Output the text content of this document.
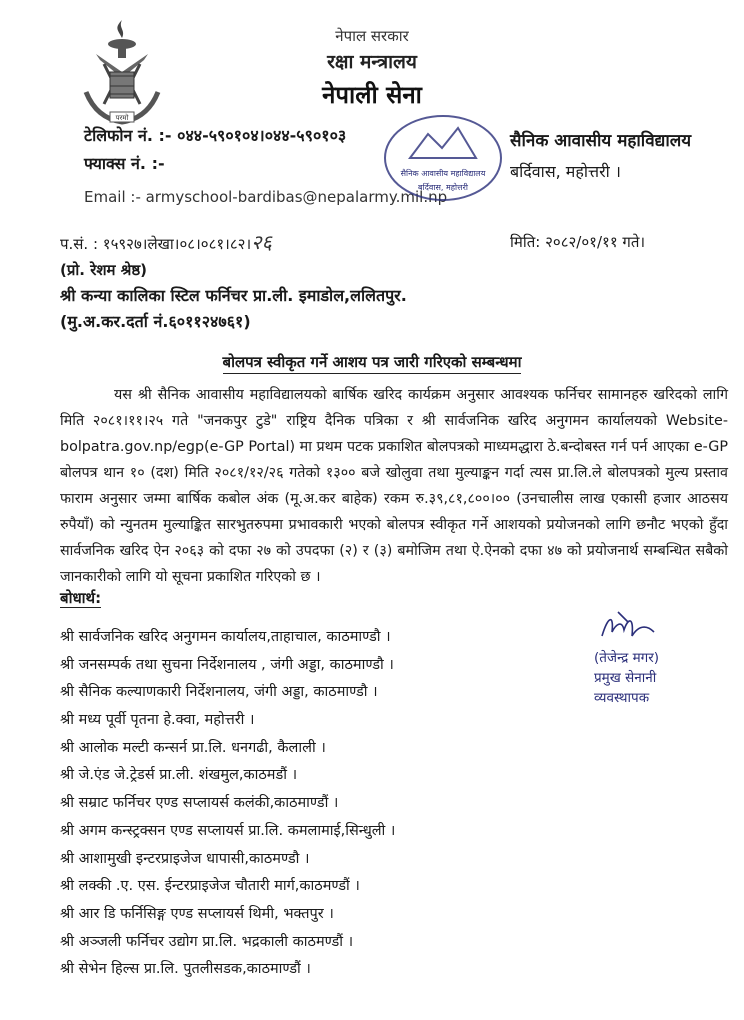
परमो
नेपाल सरकार
रक्षा मन्त्रालय
नेपाली सेना
टेलिफोन नं. :- ०४४-५९०१०४।०४४-५९०१०३
फ्याक्स नं. :-
Email :- armyschool-bardibas@nepalarmy.mil.np
सैनिक आवासीय महाविद्यालय
बर्दिवास, महोत्तरी
सैनिक आवासीय महाविद्यालय
बर्दिवास, महोत्तरी ।
प.सं. : १५९२७।लेखा।०८।०८१।८२।२६	मिति: २०८२/०१/११ गते।
(प्रो. रेशम श्रेष्ठ)
श्री कन्या कालिका स्टिल फर्निचर प्रा.ली. इमाडोल,ललितपुर.
(मु.अ.कर.दर्ता नं.६०११२४७६१)
बोलपत्र स्वीकृत गर्ने आशय पत्र जारी गरिएको सम्बन्धमा
यस श्री सैनिक आवासीय महाविद्यालयको बार्षिक खरिद कार्यक्रम अनुसार आवश्यक फर्निचर सामानहरु खरिदको लागि मिति २०८१।११।२५ गते "जनकपुर टुडे" राष्ट्रिय दैनिक पत्रिका र श्री सार्वजनिक खरिद अनुगमन कार्यालयको Website-bolpatra.gov.np/egp(e-GP Portal) मा प्रथम पटक प्रकाशित बोलपत्रको माध्यमद्धारा ठे.बन्दोबस्त गर्न पर्न आएका e-GP बोलपत्र थान १० (दश) मिति २०८१/१२/२६ गतेको १३०० बजे खोलुवा तथा मुल्याङ्कन गर्दा त्यस प्रा.लि.ले बोलपत्रको मुल्य प्रस्ताव फाराम अनुसार जम्मा बार्षिक कबोल अंक (मू.अ.कर बाहेक) रकम रु.३९,८१,८००।०० (उनचालीस लाख एकासी हजार आठसय रुपैयाँ) को न्युनतम मुल्याङ्कित सारभुतरुपमा प्रभावकारी भएको बोलपत्र स्वीकृत गर्ने आशयको प्रयोजनको लागि छनौट भएको हुँदा सार्वजनिक खरिद ऐन २०६३ को दफा २७ को उपदफा (२) र (३) बमोजिम तथा ऐ.ऐनको दफा ४७ को प्रयोजनार्थ सम्बन्धित सबैको जानकारीको लागि यो सूचना प्रकाशित गरिएको छ ।
बोधार्थ:
श्री सार्वजनिक खरिद अनुगमन कार्यालय,ताहाचाल, काठमाण्डौ ।
श्री जनसम्पर्क तथा सुचना निर्देशनालय , जंगी अड्डा, काठमाण्डौ ।
श्री सैनिक कल्याणकारी निर्देशनालय, जंगी अड्डा, काठमाण्डौ ।
श्री मध्य पूर्वी पृतना हे.क्वा, महोत्तरी ।
श्री आलोक मल्टी कन्सर्न प्रा.लि. धनगढी, कैलाली ।
श्री जे.एंड जे.ट्रेडर्स प्रा.ली. शंखमुल,काठमडौं ।
श्री सम्राट फर्निचर एण्ड सप्लायर्स कलंकी,काठमाण्डौं ।
श्री अगम कन्स्ट्रक्सन एण्ड सप्लायर्स प्रा.लि. कमलामाई,सिन्धुली ।
श्री आशामुखी इन्टरप्राइजेज धापासी,काठमण्डौ ।
श्री लक्की .ए. एस. ईन्टरप्राइजेज चौतारी मार्ग,काठमण्डौं ।
श्री आर डि फर्निसिङ्ग एण्ड सप्लायर्स थिमी, भक्तपुर ।
श्री अञ्जली फर्निचर उद्योग प्रा.लि. भद्रकाली काठमण्डौं ।
श्री सेभेन हिल्स प्रा.लि. पुतलीसडक,काठमाण्डौं ।
(तेजेन्द्र मगर)
प्रमुख सेनानी
व्यवस्थापक
